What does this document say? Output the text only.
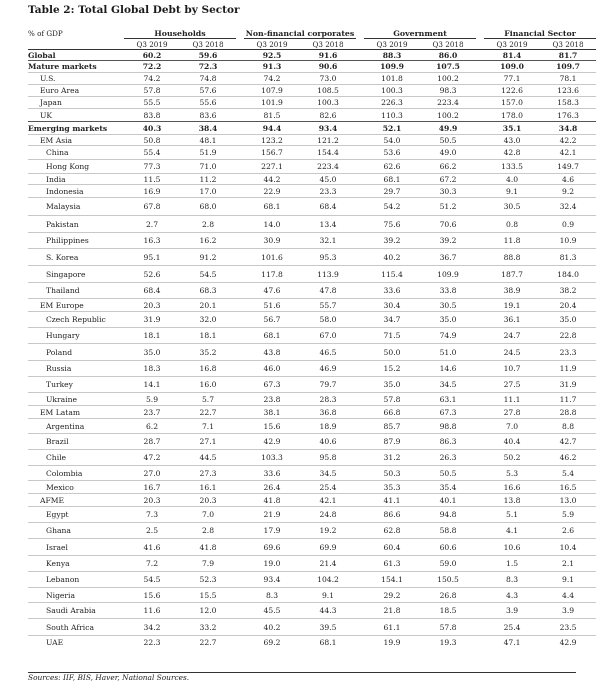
Table 2: Total Global Debt by Sector
% of GDP	Households			Non-financial corporates			Government			Financial Sector	
	Q3 2019	Q3 2018		Q3 2019	Q3 2018		Q3 2019	Q3 2018		Q3 2019	Q3 2018
Global	60.2	59.6		92.5	91.6		88.3	86.0		81.4	81.7
Mature markets	72.2	72.3		91.3	90.6		109.9	107.5		109.0	109.7
U.S.	74.2	74.8		74.2	73.0		101.8	100.2		77.1	78.1
Euro Area	57.8	57.6		107.9	108.5		100.3	98.3		122.6	123.6
Japan	55.5	55.6		101.9	100.3		226.3	223.4		157.0	158.3
UK	83.8	83.6		81.5	82.6		110.3	100.2		178.0	176.3
Emerging markets	40.3	38.4		94.4	93.4		52.1	49.9		35.1	34.8
EM Asia	50.8	48.1		123.2	121.2		54.0	50.5		43.0	42.2
China	55.4	51.9		156.7	154.4		53.6	49.0		42.8	42.1
Hong Kong	77.3	71.0		227.1	223.4		62.6	66.2		133.5	149.7
India	11.5	11.2		44.2	45.0		68.1	67.2		4.0	4.6
Indonesia	16.9	17.0		22.9	23.3		29.7	30.3		9.1	9.2
Malaysia	67.8	68.0		68.1	68.4		54.2	51.2		30.5	32.4
Pakistan	2.7	2.8		14.0	13.4		75.6	70.6		0.8	0.9
Philippines	16.3	16.2		30.9	32.1		39.2	39.2		11.8	10.9
S. Korea	95.1	91.2		101.6	95.3		40.2	36.7		88.8	81.3
Singapore	52.6	54.5		117.8	113.9		115.4	109.9		187.7	184.0
Thailand	68.4	68.3		47.6	47.8		33.6	33.8		38.9	38.2
EM Europe	20.3	20.1		51.6	55.7		30.4	30.5		19.1	20.4
Czech Republic	31.9	32.0		56.7	58.0		34.7	35.0		36.1	35.0
Hungary	18.1	18.1		68.1	67.0		71.5	74.9		24.7	22.8
Poland	35.0	35.2		43.8	46.5		50.0	51.0		24.5	23.3
Russia	18.3	16.8		46.0	46.9		15.2	14.6		10.7	11.9
Turkey	14.1	16.0		67.3	79.7		35.0	34.5		27.5	31.9
Ukraine	5.9	5.7		23.8	28.3		57.8	63.1		11.1	11.7
EM Latam	23.7	22.7		38.1	36.8		66.8	67.3		27.8	28.8
Argentina	6.2	7.1		15.6	18.9		85.7	98.8		7.0	8.8
Brazil	28.7	27.1		42.9	40.6		87.9	86.3		40.4	42.7
Chile	47.2	44.5		103.3	95.8		31.2	26.3		50.2	46.2
Colombia	27.0	27.3		33.6	34.5		50.3	50.5		5.3	5.4
Mexico	16.7	16.1		26.4	25.4		35.3	35.4		16.6	16.5
AFME	20.3	20.3		41.8	42.1		41.1	40.1		13.8	13.0
Egypt	7.3	7.0		21.9	24.8		86.6	94.8		5.1	5.9
Ghana	2.5	2.8		17.9	19.2		62.8	58.8		4.1	2.6
Israel	41.6	41.8		69.6	69.9		60.4	60.6		10.6	10.4
Kenya	7.2	7.9		19.0	21.4		61.3	59.0		1.5	2.1
Lebanon	54.5	52.3		93.4	104.2		154.1	150.5		8.3	9.1
Nigeria	15.6	15.5		8.3	9.1		29.2	26.8		4.3	4.4
Saudi Arabia	11.6	12.0		45.5	44.3		21.8	18.5		3.9	3.9
South Africa	34.2	33.2		40.2	39.5		61.1	57.8		25.4	23.5
UAE	22.3	22.7		69.2	68.1		19.9	19.3		47.1	42.9
Sources: IIF, BIS, Haver, National Sources.
